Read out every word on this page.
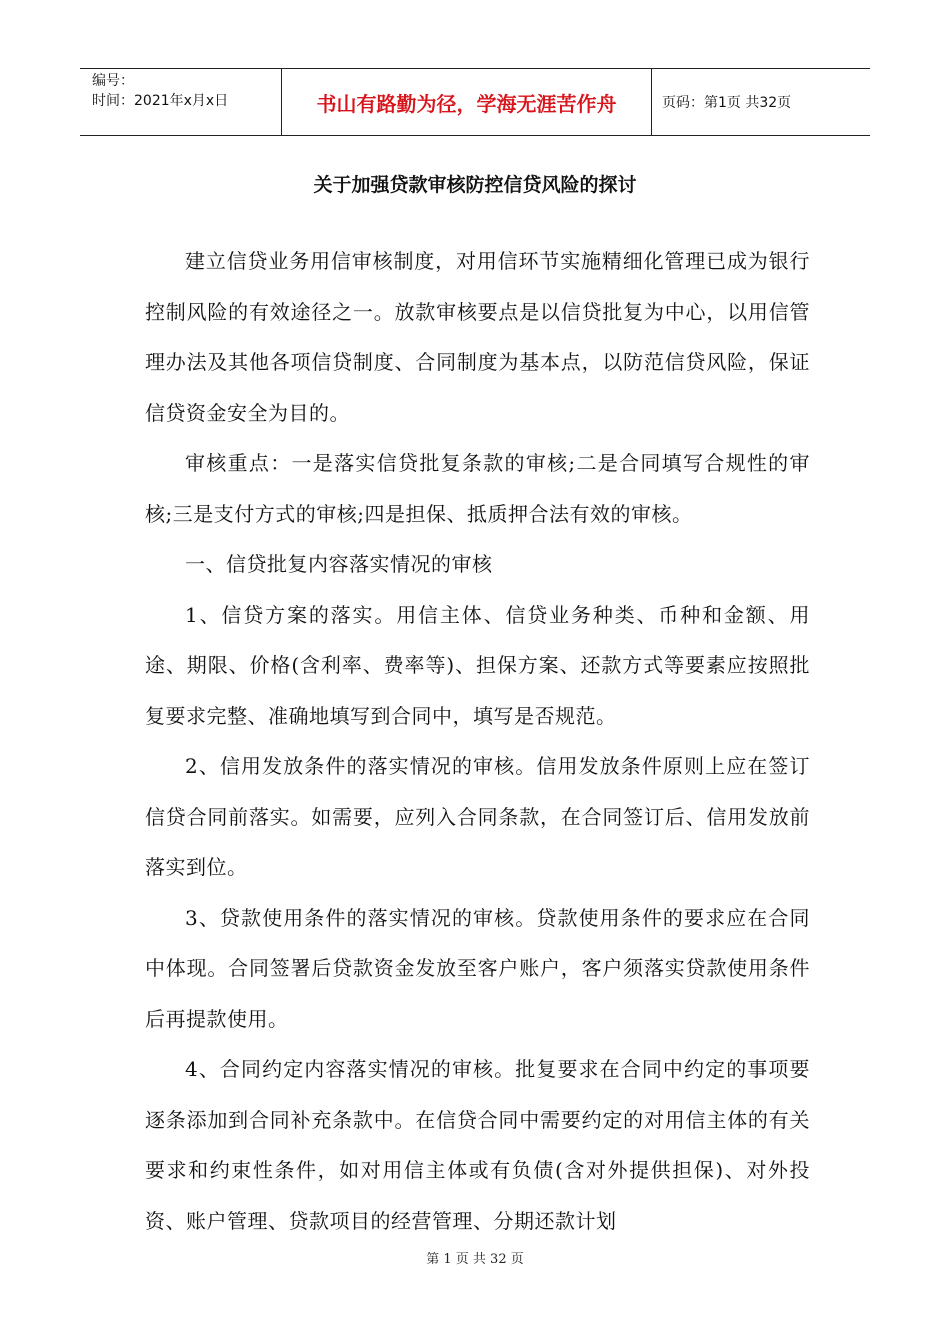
编号：
时间：2021年x月x日	书山有路勤为径，学海无涯苦作舟	页码：第1页 共32页
关于加强贷款审核防控信贷风险的探讨

建立信贷业务用信审核制度，对用信环节实施精细化管理已成为银行控制风险的有效途径之一。放款审核要点是以信贷批复为中心，以用信管理办法及其他各项信贷制度、合同制度为基本点，以防范信贷风险，保证信贷资金安全为目的。

审核重点：一是落实信贷批复条款的审核;二是合同填写合规性的审核;三是支付方式的审核;四是担保、抵质押合法有效的审核。

一、信贷批复内容落实情况的审核

1、信贷方案的落实。用信主体、信贷业务种类、币种和金额、用途、期限、价格(含利率、费率等)、担保方案、还款方式等要素应按照批复要求完整、准确地填写到合同中，填写是否规范。

2、信用发放条件的落实情况的审核。信用发放条件原则上应在签订信贷合同前落实。如需要，应列入合同条款，在合同签订后、信用发放前落实到位。

3、贷款使用条件的落实情况的审核。贷款使用条件的要求应在合同中体现。合同签署后贷款资金发放至客户账户，客户须落实贷款使用条件后再提款使用。

4、合同约定内容落实情况的审核。批复要求在合同中约定的事项要逐条添加到合同补充条款中。在信贷合同中需要约定的对用信主体的有关要求和约束性条件，如对用信主体或有负债(含对外提供担保)、对外投资、账户管理、贷款项目的经营管理、分期还款计划

第 1 页 共 32 页
